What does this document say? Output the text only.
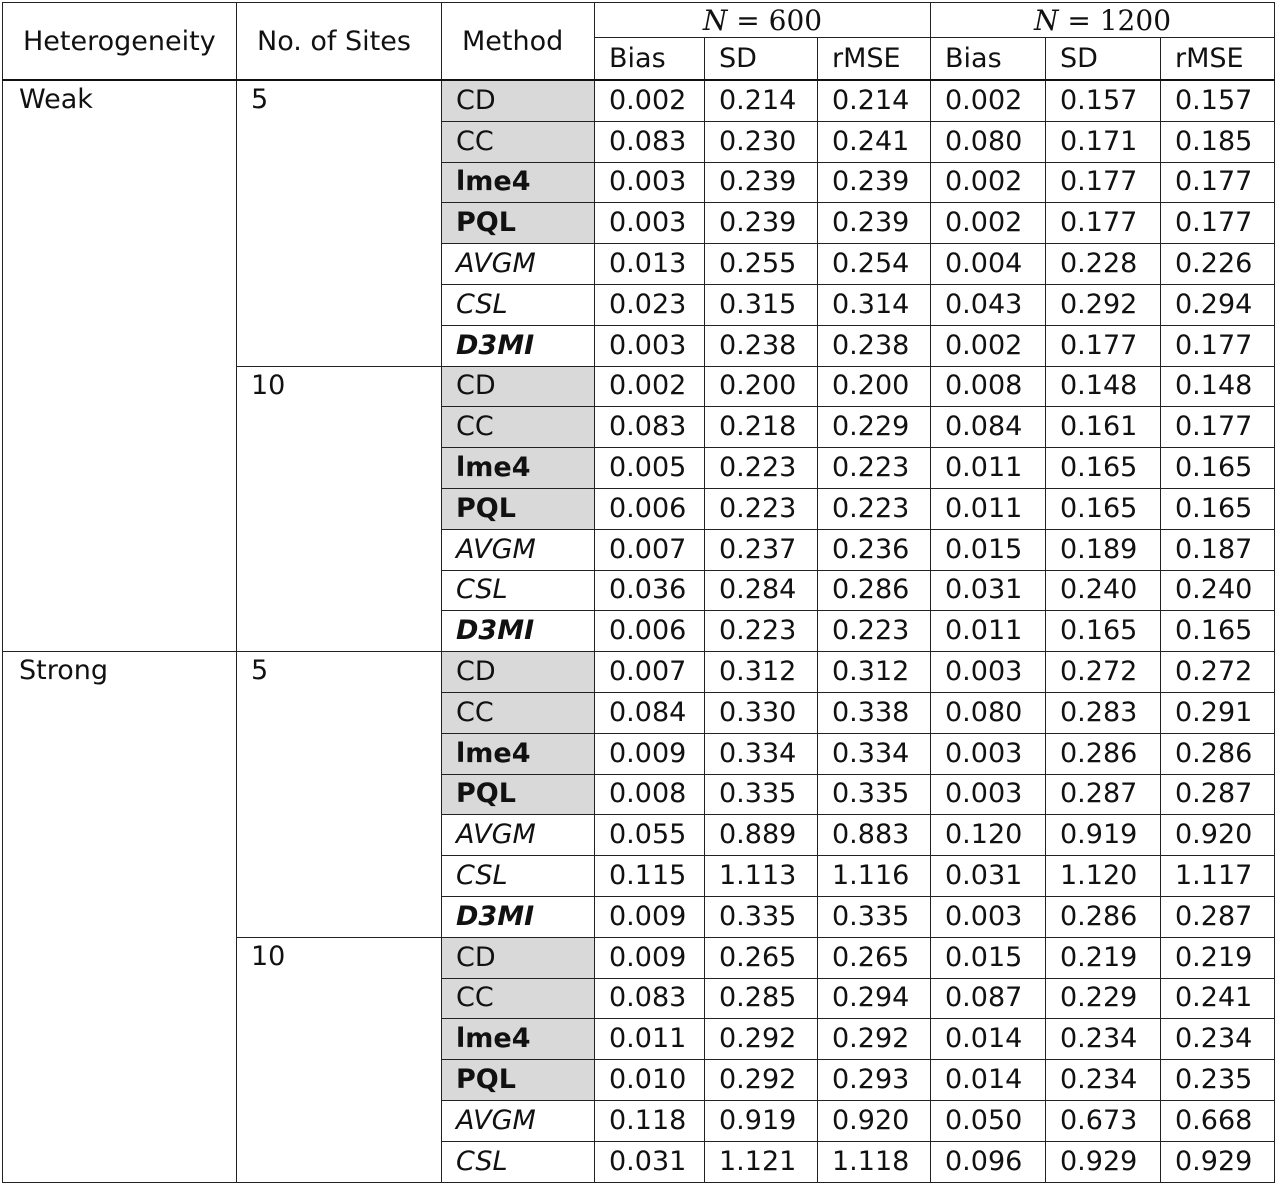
Heterogeneity	No. of Sites	Method	N = 600			N = 1200		
			Bias	SD	rMSE	Bias	SD	rMSE
Weak	5	CD	0.002	0.214	0.214	0.002	0.157	0.157
		CC	0.083	0.230	0.241	0.080	0.171	0.185
		lme4	0.003	0.239	0.239	0.002	0.177	0.177
		PQL	0.003	0.239	0.239	0.002	0.177	0.177
		AVGM	0.013	0.255	0.254	0.004	0.228	0.226
		CSL	0.023	0.315	0.314	0.043	0.292	0.294
		D3MI	0.003	0.238	0.238	0.002	0.177	0.177
	10	CD	0.002	0.200	0.200	0.008	0.148	0.148
		CC	0.083	0.218	0.229	0.084	0.161	0.177
		lme4	0.005	0.223	0.223	0.011	0.165	0.165
		PQL	0.006	0.223	0.223	0.011	0.165	0.165
		AVGM	0.007	0.237	0.236	0.015	0.189	0.187
		CSL	0.036	0.284	0.286	0.031	0.240	0.240
		D3MI	0.006	0.223	0.223	0.011	0.165	0.165
Strong	5	CD	0.007	0.312	0.312	0.003	0.272	0.272
		CC	0.084	0.330	0.338	0.080	0.283	0.291
		lme4	0.009	0.334	0.334	0.003	0.286	0.286
		PQL	0.008	0.335	0.335	0.003	0.287	0.287
		AVGM	0.055	0.889	0.883	0.120	0.919	0.920
		CSL	0.115	1.113	1.116	0.031	1.120	1.117
		D3MI	0.009	0.335	0.335	0.003	0.286	0.287
	10	CD	0.009	0.265	0.265	0.015	0.219	0.219
		CC	0.083	0.285	0.294	0.087	0.229	0.241
		lme4	0.011	0.292	0.292	0.014	0.234	0.234
		PQL	0.010	0.292	0.293	0.014	0.234	0.235
		AVGM	0.118	0.919	0.920	0.050	0.673	0.668
		CSL	0.031	1.121	1.118	0.096	0.929	0.929
